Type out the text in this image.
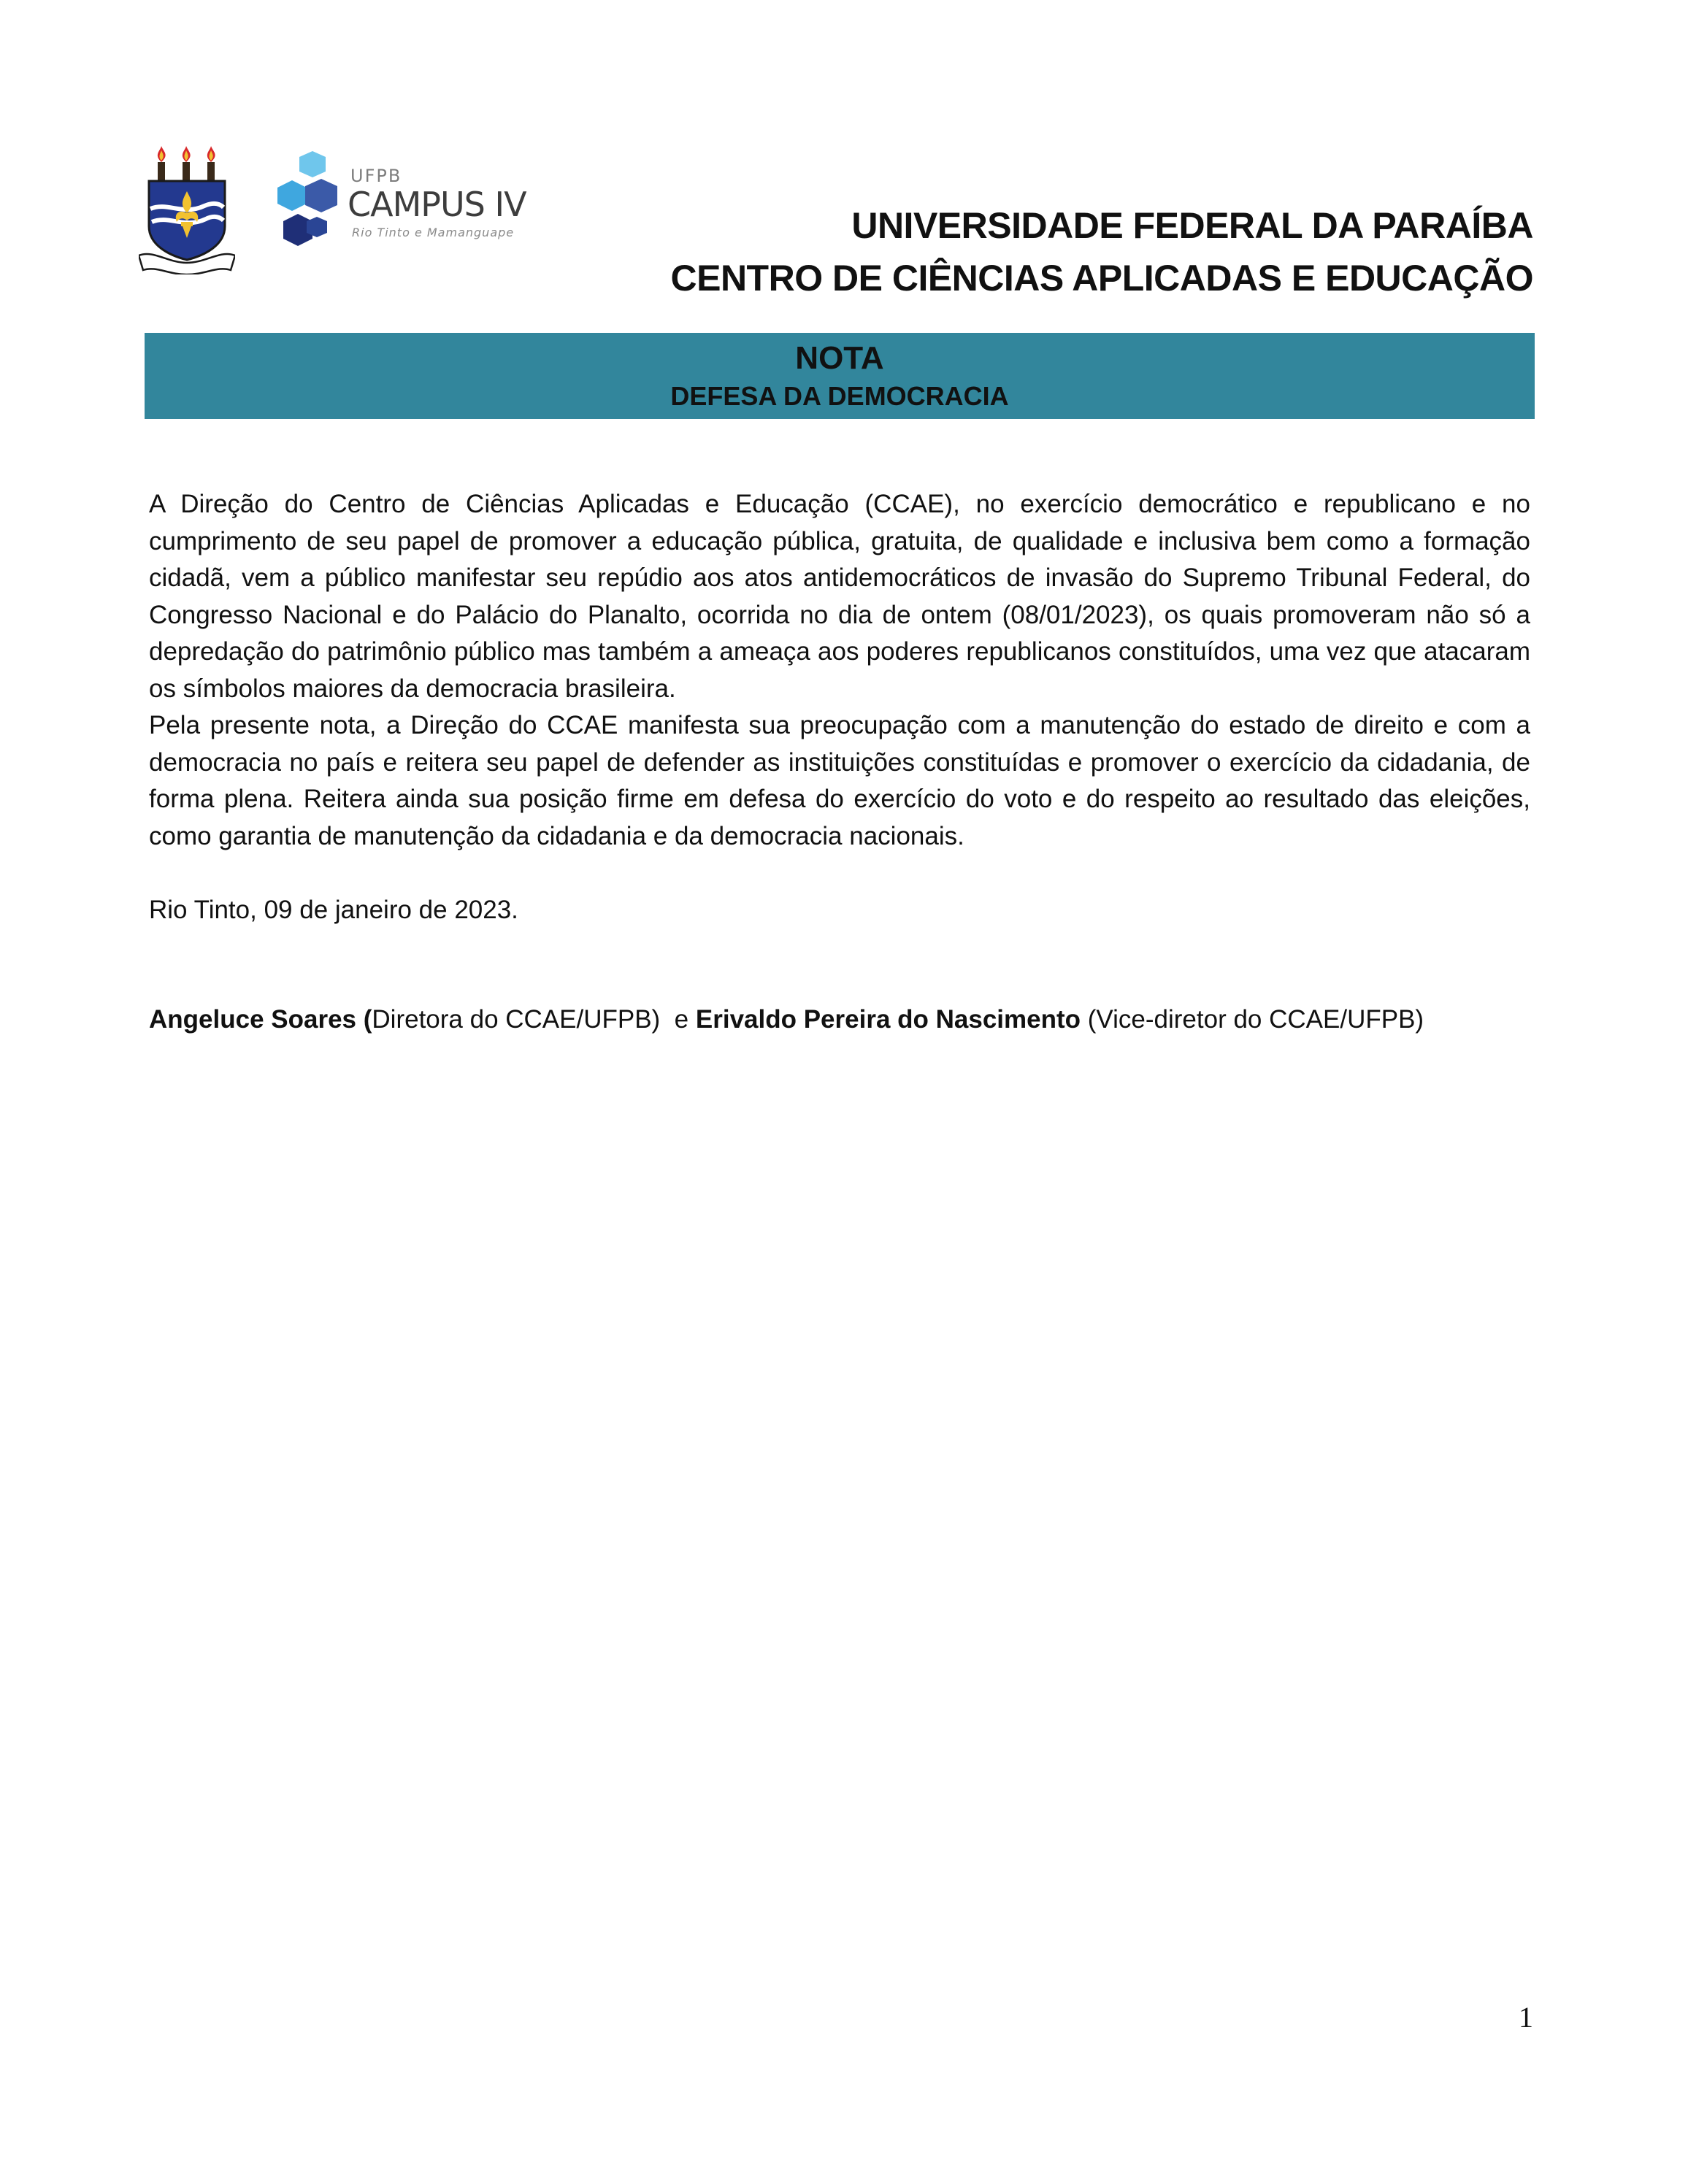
UFPB
CAMPUS IV
Rio Tinto e Mamanguape	UNIVERSIDADE FEDERAL DA PARAÍBA
CENTRO DE CIÊNCIAS APLICADAS E EDUCAÇÃO
NOTA
DEFESA DA DEMOCRACIA

A Direção do Centro de Ciências Aplicadas e Educação (CCAE), no exercício democrático e republicano e no cumprimento de seu papel de promover a educação pública, gratuita, de qualidade e inclusiva bem como a formação cidadã, vem a público manifestar seu repúdio aos atos antidemocráticos de invasão do Supremo Tribunal Federal, do Congresso Nacional e do Palácio do Planalto, ocorrida no dia de ontem (08/01/2023), os quais promoveram não só a depredação do patrimônio público mas também a ameaça aos poderes republicanos constituídos, uma vez que atacaram os símbolos maiores da democracia brasileira.

Pela presente nota, a Direção do CCAE manifesta sua preocupação com a manutenção do estado de direito e com a democracia no país e reitera seu papel de defender as instituições constituídas e promover o exercício da cidadania, de forma plena. Reitera ainda sua posição firme em defesa do exercício do voto e do respeito ao resultado das eleições, como garantia de manutenção da cidadania e da democracia nacionais.

Rio Tinto, 09 de janeiro de 2023.
Angeluce Soares (Diretora do CCAE/UFPB) e Erivaldo Pereira do Nascimento (Vice-diretor do CCAE/UFPB)
1
